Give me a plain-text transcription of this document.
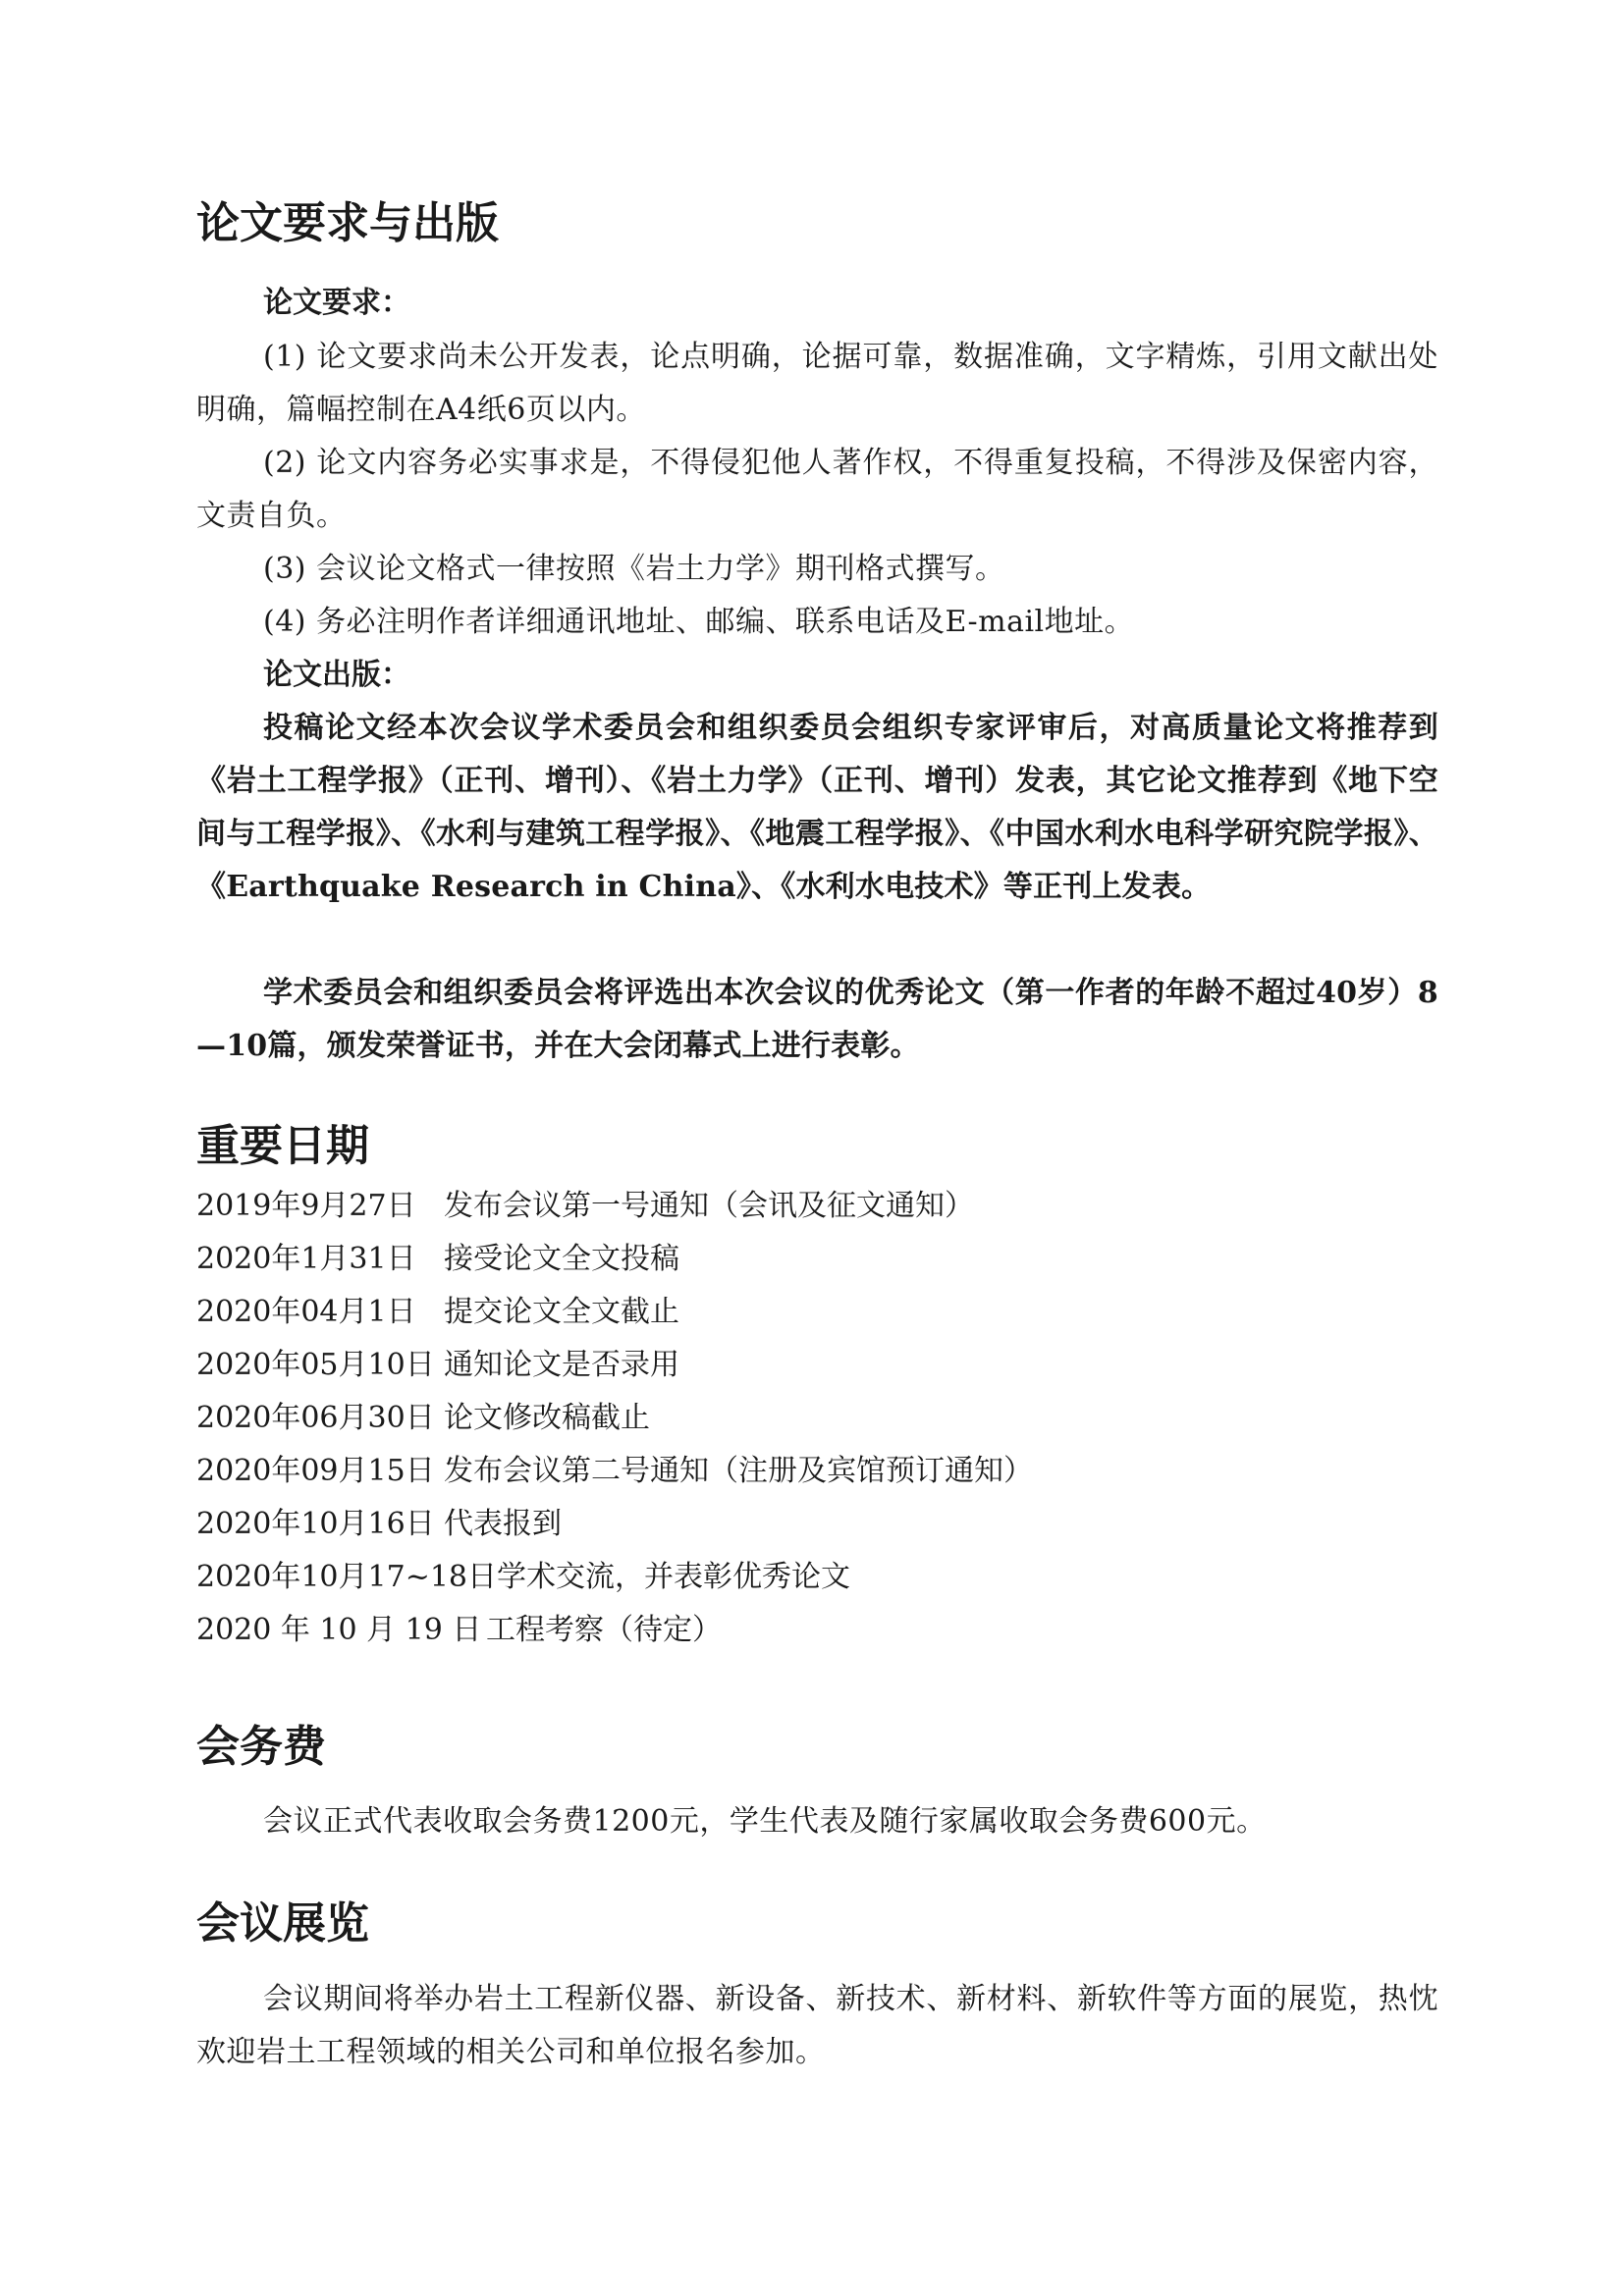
论文要求与出版
论文要求：
(1) 论文要求尚未公开发表，论点明确，论据可靠，数据准确，文字精炼，引用文献出处明确，篇幅控制在A4纸6页以内。
(2) 论文内容务必实事求是，不得侵犯他人著作权，不得重复投稿，不得涉及保密内容，文责自负。
(3) 会议论文格式一律按照《岩土力学》期刊格式撰写。
(4) 务必注明作者详细通讯地址、邮编、联系电话及E-mail地址。
论文出版：
投稿论文经本次会议学术委员会和组织委员会组织专家评审后，对高质量论文将推荐到《岩土工程学报》（正刊、增刊）、《岩土力学》（正刊、增刊）发表，其它论文推荐到《地下空间与工程学报》、《水利与建筑工程学报》、《地震工程学报》、《中国水利水电科学研究院学报》、《Earthquake Research in China》、《水利水电技术》等正刊上发表。
学术委员会和组织委员会将评选出本次会议的优秀论文（第一作者的年龄不超过40岁）8—10篇，颁发荣誉证书，并在大会闭幕式上进行表彰。
重要日期
2019年9月27日 发布会议第一号通知（会讯及征文通知）
2020年1月31日 接受论文全文投稿
2020年04月1日 提交论文全文截止
2020年05月10日 通知论文是否录用
2020年06月30日 论文修改稿截止
2020年09月15日 发布会议第二号通知（注册及宾馆预订通知）
2020年10月16日 代表报到
2020年10月17~18日学术交流，并表彰优秀论文
2020 年 10 月 19 日 工程考察（待定）
会务费
会议正式代表收取会务费1200元，学生代表及随行家属收取会务费600元。
会议展览
会议期间将举办岩土工程新仪器、新设备、新技术、新材料、新软件等方面的展览，热忱欢迎岩土工程领域的相关公司和单位报名参加。
